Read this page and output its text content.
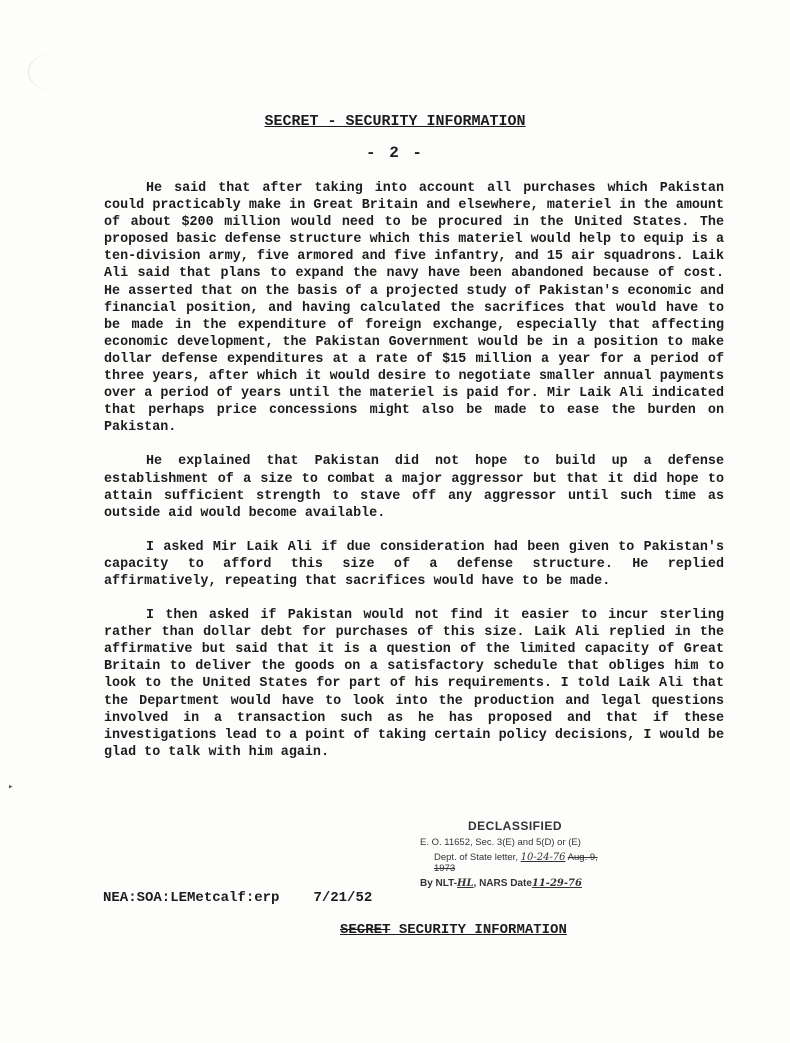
SECRET - SECURITY INFORMATION
- 2 -

He said that after taking into account all purchases which Pakistan could practicably make in Great Britain and elsewhere, materiel in the amount of about $200 million would need to be procured in the United States. The proposed basic defense structure which this materiel would help to equip is a ten-division army, five armored and five infantry, and 15 air squadrons. Laik Ali said that plans to expand the navy have been abandoned because of cost. He asserted that on the basis of a projected study of Pakistan's economic and financial position, and having calculated the sacrifices that would have to be made in the expenditure of foreign exchange, especially that affecting economic development, the Pakistan Government would be in a position to make dollar defense expenditures at a rate of $15 million a year for a period of three years, after which it would desire to negotiate smaller annual payments over a period of years until the materiel is paid for. Mir Laik Ali indicated that perhaps price concessions might also be made to ease the burden on Pakistan.

He explained that Pakistan did not hope to build up a defense establishment of a size to combat a major aggressor but that it did hope to attain sufficient strength to stave off any aggressor until such time as outside aid would become available.

I asked Mir Laik Ali if due consideration had been given to Pakistan's capacity to afford this size of a defense structure. He replied affirmatively, repeating that sacrifices would have to be made.

I then asked if Pakistan would not find it easier to incur sterling rather than dollar debt for purchases of this size. Laik Ali replied in the affirmative but said that it is a question of the limited capacity of Great Britain to deliver the goods on a satisfactory schedule that obliges him to look to the United States for part of his requirements. I told Laik Ali that the Department would have to look into the production and legal questions involved in a transaction such as he has proposed and that if these investigations lead to a point of taking certain policy decisions, I would be glad to talk with him again.

▸
DECLASSIFIED
E. O. 11652, Sec. 3(E) and 5(D) or (E)
Dept. of State letter, 10-24-76 Aug. 9, 1973
By NLT-HL, NARS Date11-29-76
NEA:SOA:LEMetcalf:erp 7/21/52
SECRET SECURITY INFORMATION
